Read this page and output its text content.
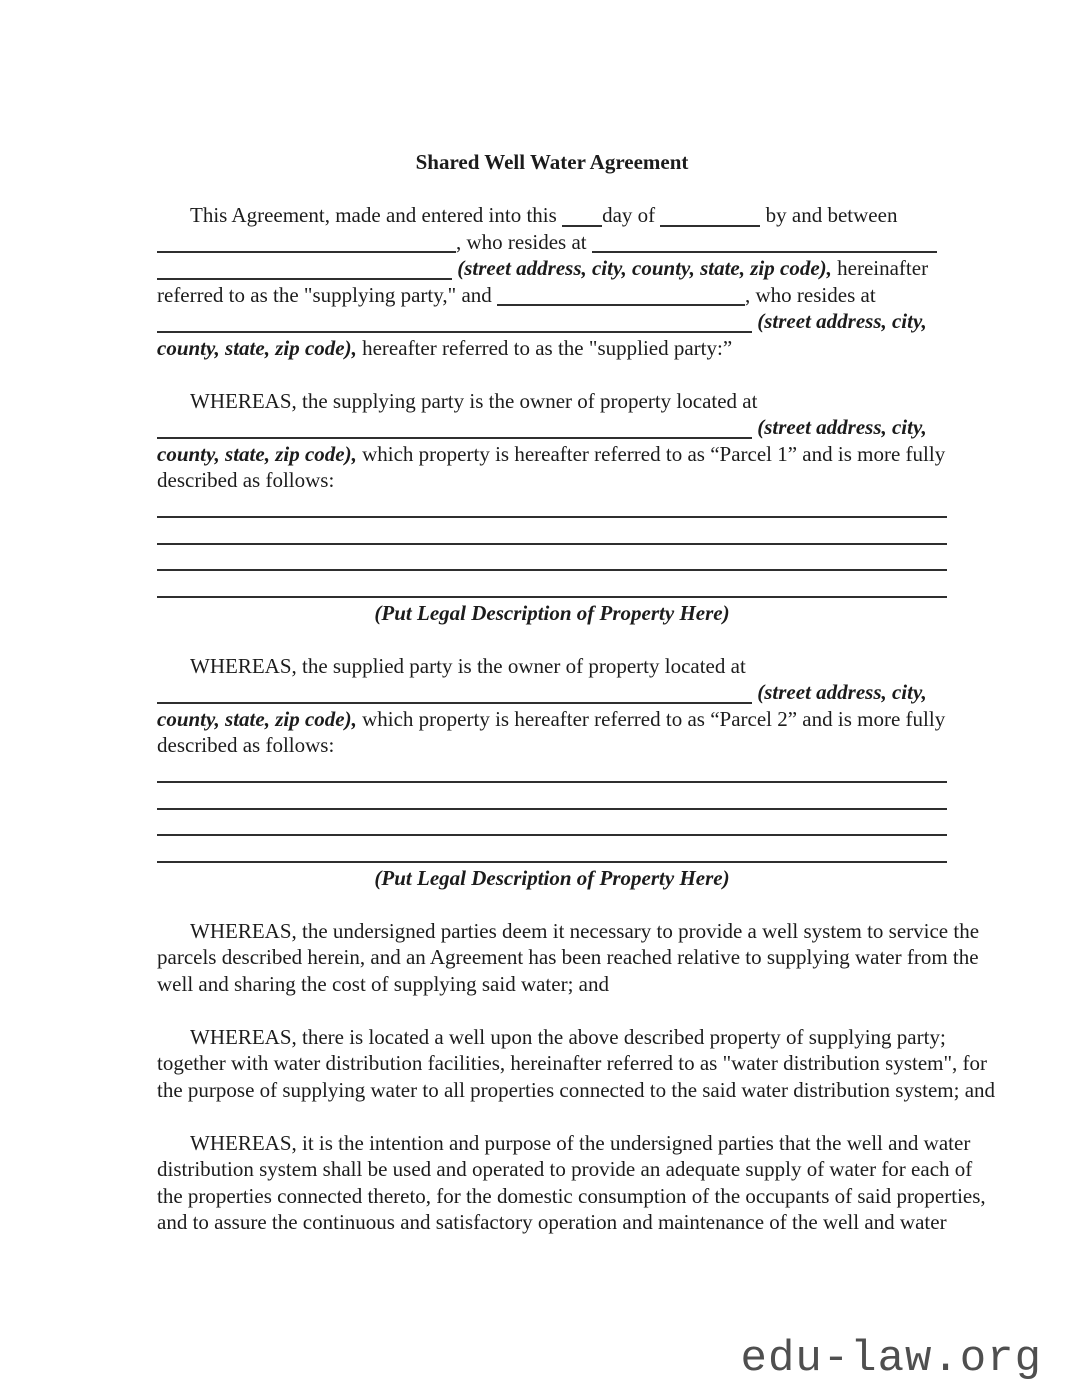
Shared Well Water Agreement
This Agreement, made and entered into this day of	by and between
, who resides at
(street address, city, county, state, zip code), hereinafter
referred to as the "supplying party," and	, who resides at
(street address, city,
county, state, zip code), hereafter referred to as the "supplied party:”
WHEREAS, the supplying party is the owner of property located at
(street address, city,
county, state, zip code), which property is hereafter referred to as “Parcel 1” and is more fully
described as follows:
(Put Legal Description of Property Here)
WHEREAS, the supplied party is the owner of property located at
(street address, city,
county, state, zip code), which property is hereafter referred to as “Parcel 2” and is more fully
described as follows:
(Put Legal Description of Property Here)
WHEREAS, the undersigned parties deem it necessary to provide a well system to service the
parcels described herein, and an Agreement has been reached relative to supplying water from the
well and sharing the cost of supplying said water; and
WHEREAS, there is located a well upon the above described property of supplying party;
together with water distribution facilities, hereinafter referred to as "water distribution system", for
the purpose of supplying water to all properties connected to the said water distribution system; and
WHEREAS, it is the intention and purpose of the undersigned parties that the well and water
distribution system shall be used and operated to provide an adequate supply of water for each of
the properties connected thereto, for the domestic consumption of the occupants of said properties,
and to assure the continuous and satisfactory operation and maintenance of the well and water
edu-law.org
